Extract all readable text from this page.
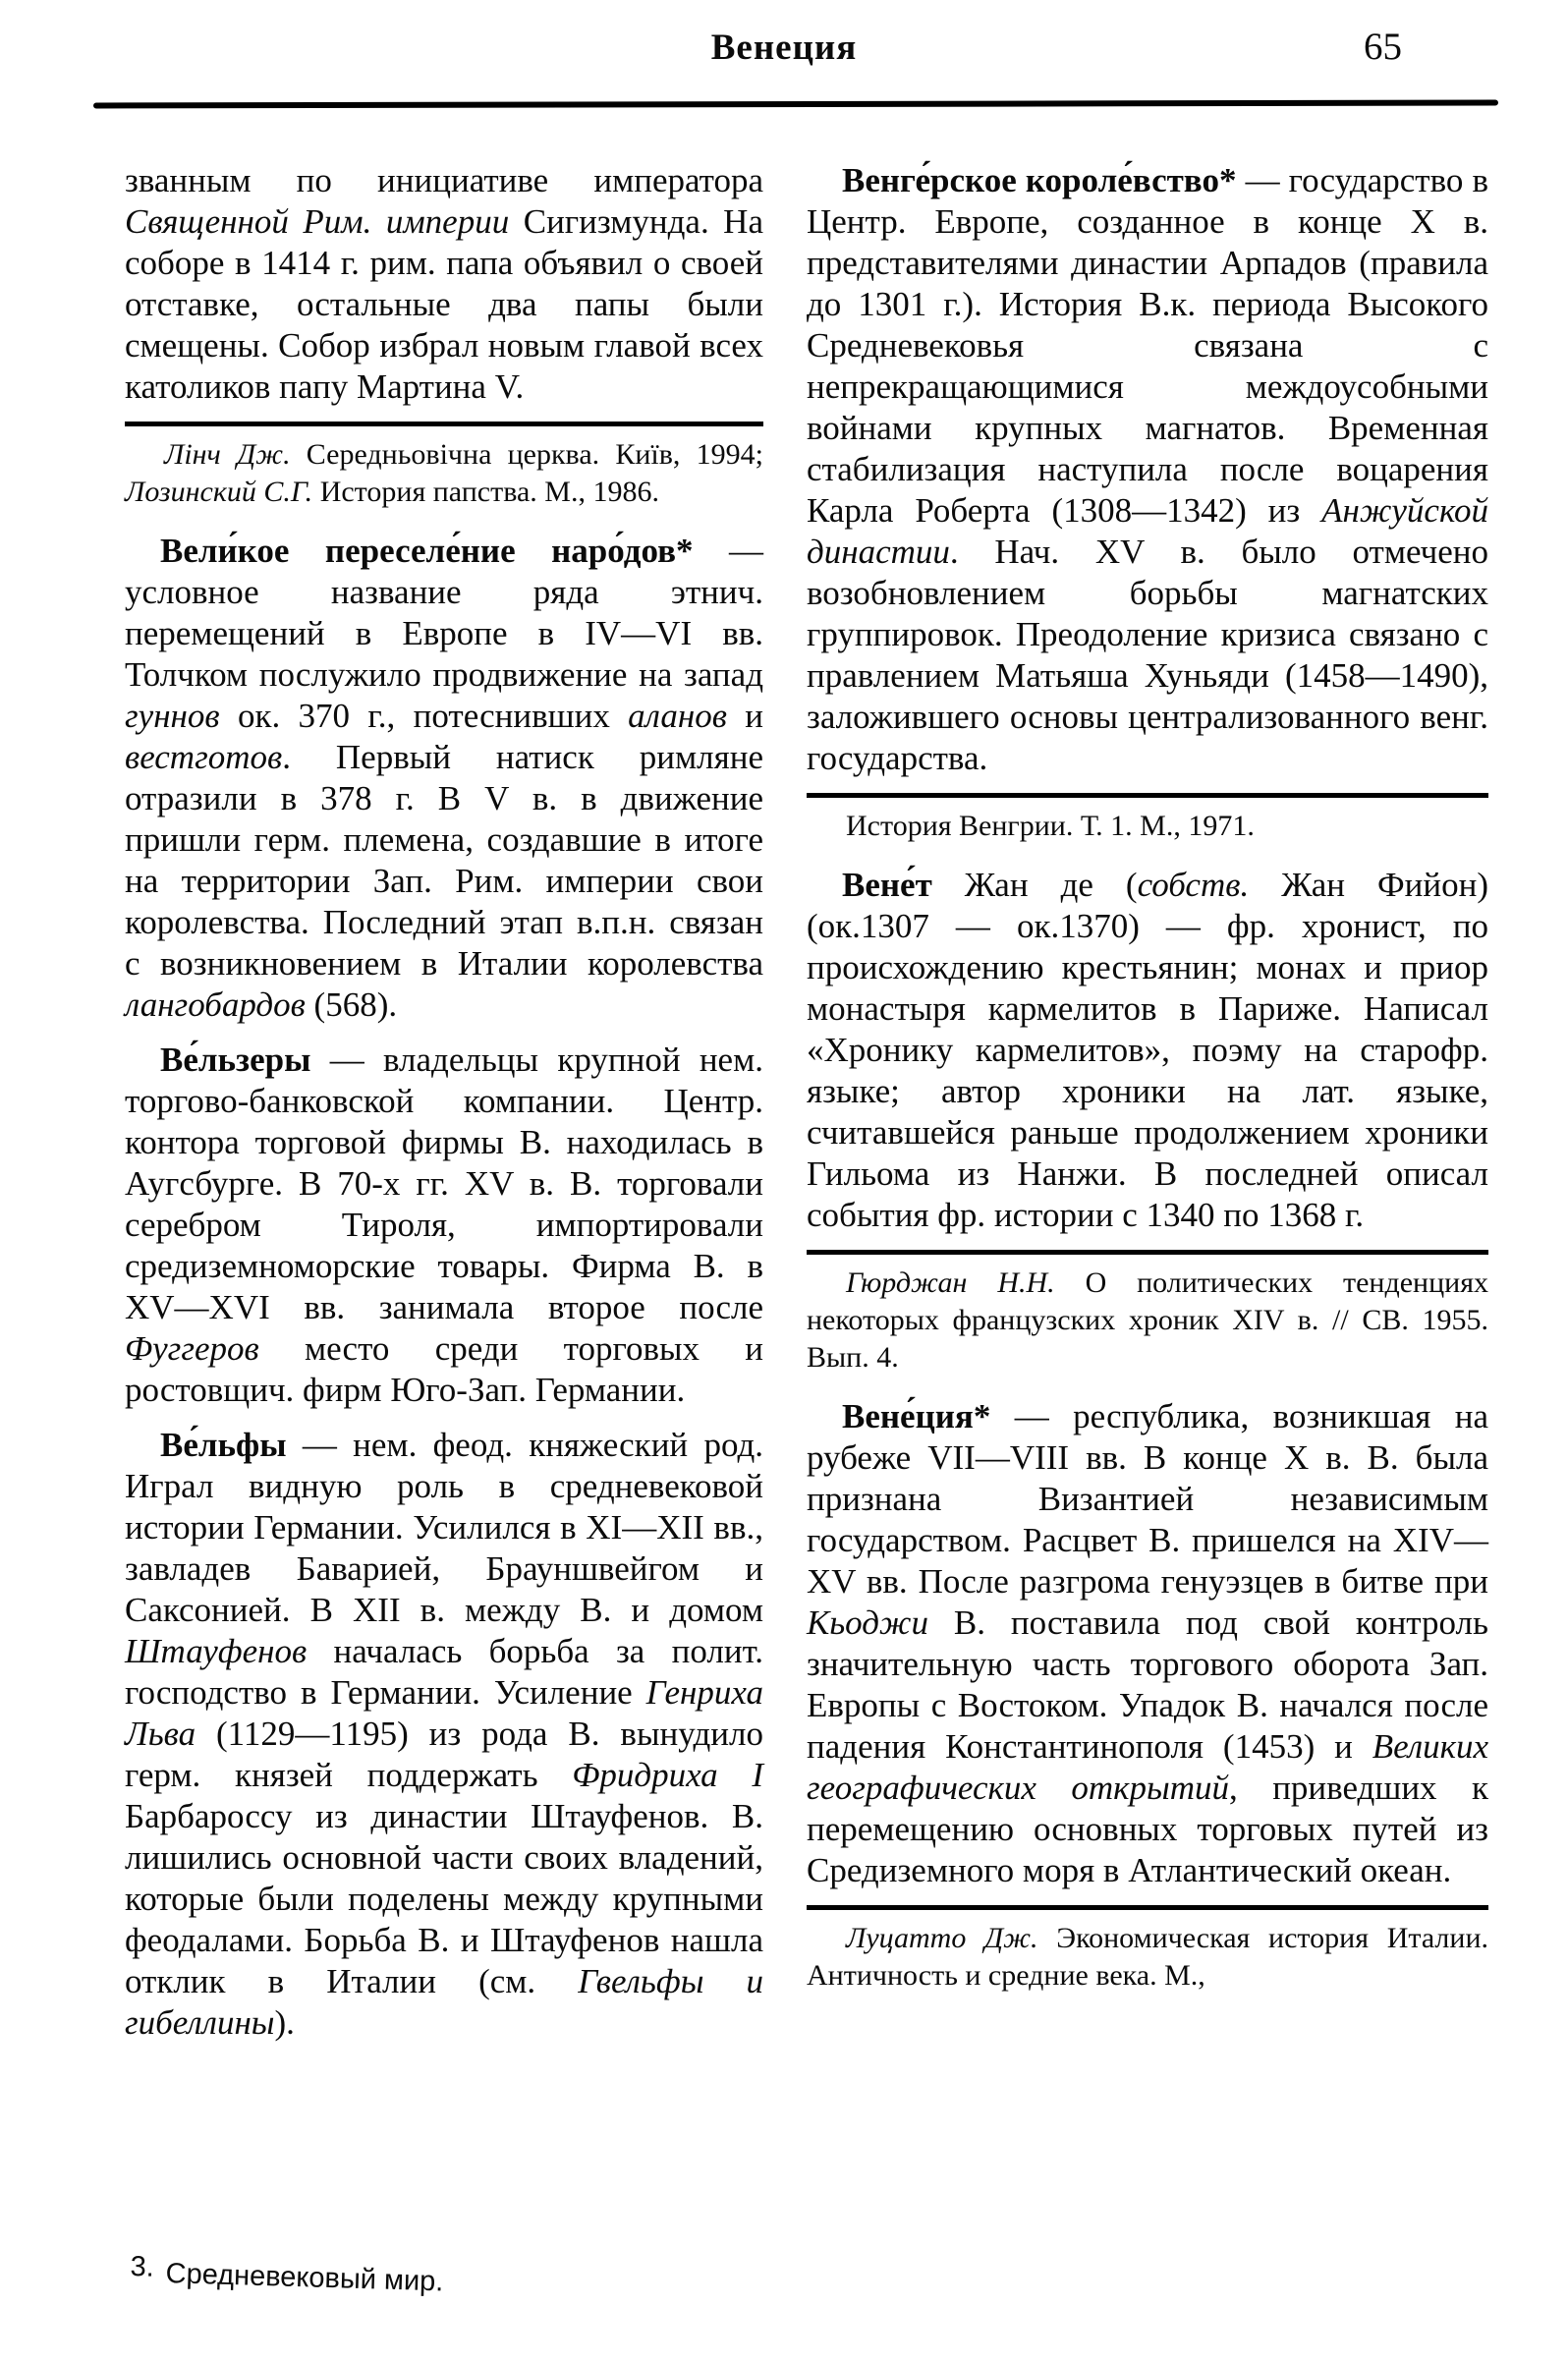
Венеция	65

званным по инициативе императора Священной Рим. империи Сигизмунда. На соборе в 1414 г. рим. папа объявил о своей отставке, остальные два папы были смещены. Собор избрал новым главой всех католиков папу Мартина V.

Лінч Дж. Середньовічна церква. Київ, 1994; Лозинский С.Г. История папства. М., 1986.

Вели́кое переселе́ние наро́дов* — условное название ряда этнич. перемещений в Европе в IV—VI вв. Толчком послужило продвижение на запад гуннов ок. 370 г., потеснивших аланов и вестготов. Первый натиск римляне отразили в 378 г. В V в. в движение пришли герм. племена, создавшие в итоге на территории Зап. Рим. империи свои королевства. Последний этап в.п.н. связан с возникновением в Италии королевства лангобардов (568).

Ве́льзеры — владельцы крупной нем. торгово-банковской компании. Центр. контора торговой фирмы В. находилась в Аугсбурге. В 70-х гг. XV в. В. торговали серебром Тироля, импортировали средиземноморские товары. Фирма В. в XV—XVI вв. занимала второе после Фуггеров место среди торговых и ростовщич. фирм Юго-Зап. Германии.

Ве́льфы — нем. феод. княжеский род. Играл видную роль в средневековой истории Германии. Усилился в XI—XII вв., завладев Баварией, Брауншвейгом и Саксонией. В XII в. между В. и домом Штауфенов началась борьба за полит. господство в Германии. Усиление Генриха Льва (1129—1195) из рода В. вынудило герм. князей поддержать Фридриха I Барбароссу из династии Штауфенов. В. лишились основной части своих владений, которые были поделены между крупными феодалами. Борьба В. и Штауфенов нашла отклик в Италии (см. Гвельфы и гибеллины).

Венге́рское короле́вство* — государство в Центр. Европе, созданное в конце X в. представителями династии Арпадов (правила до 1301 г.). История В.к. периода Высокого Средневековья связана с непрекращающимися междоусобными войнами крупных магнатов. Временная стабилизация наступила после воцарения Карла Роберта (1308—1342) из Анжуйской династии. Нач. XV в. было отмечено возобновлением борьбы магнатских группировок. Преодоление кризиса связано с правлением Матьяша Хуньяди (1458—1490), заложившего основы централизованного венг. государства.

История Венгрии. Т. 1. М., 1971.

Вене́т Жан де (собств. Жан Фийон) (ок.1307 — ок.1370) — фр. хронист, по происхождению крестьянин; монах и приор монастыря кармелитов в Париже. Написал «Хронику кармелитов», поэму на старофр. языке; автор хроники на лат. языке, считавшейся раньше продолжением хроники Гильома из Нанжи. В последней описал события фр. истории с 1340 по 1368 г.

Гюрджан Н.Н. О политических тенденциях некоторых французских хроник XIV в. // СВ. 1955. Вып. 4.

Вене́ция* — республика, возникшая на рубеже VII—VIII вв. В конце X в. В. была признана Византией независимым государством. Расцвет В. пришелся на XIV—XV вв. После разгрома генуэзцев в битве при Кьоджи В. поставила под свой контроль значительную часть торгового оборота Зап. Европы с Востоком. Упадок В. начался после падения Константинополя (1453) и Великих географических открытий, приведших к перемещению основных торговых путей из Средиземного моря в Атлантический океан.

Луцатто Дж. Экономическая история Италии. Античность и средние века. М.,

3. Средневековый мир.
